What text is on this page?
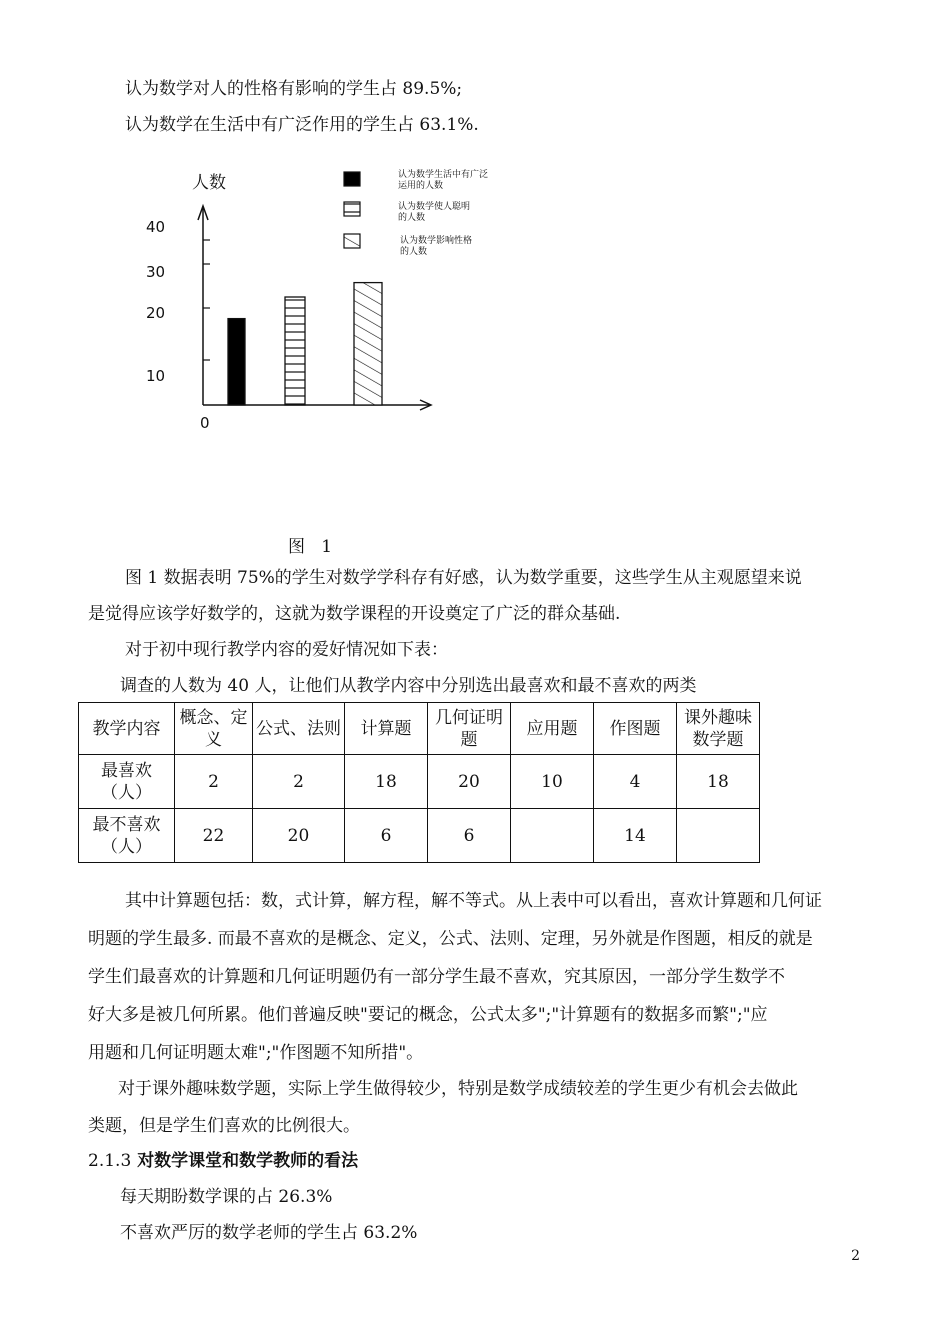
认为数学对人的性格有影响的学生占 89.5%;
认为数学在生活中有广泛作用的学生占 63.1%.
人数
40
30
20
10
0
认为数学生活中有广泛运用的人数
认为数学使人聪明的人数
认为数学影响性格的人数
图   1
图 1 数据表明 75%的学生对数学学科存有好感，认为数学重要，这些学生从主观愿望来说
是觉得应该学好数学的，这就为数学课程的开设奠定了广泛的群众基础.
对于初中现行教学内容的爱好情况如下表：
调查的人数为 40 人，让他们从教学内容中分别选出最喜欢和最不喜欢的两类
教学内容	概念、定义	公式、法则	计算题	几何证明题	应用题	作图题	课外趣味数学题
最喜欢（人）	2	2	18	20	10	4	18
最不喜欢（人）	22	20	6	6		14	
其中计算题包括：数，式计算，解方程，解不等式。从上表中可以看出，喜欢计算题和几何证
明题的学生最多. 而最不喜欢的是概念、定义，公式、法则、定理，另外就是作图题，相反的就是
学生们最喜欢的计算题和几何证明题仍有一部分学生最不喜欢，究其原因，一部分学生数学不
好大多是被几何所累。他们普遍反映"要记的概念，公式太多";"计算题有的数据多而繁";"应
用题和几何证明题太难";"作图题不知所措"。
对于课外趣味数学题，实际上学生做得较少，特别是数学成绩较差的学生更少有机会去做此
类题，但是学生们喜欢的比例很大。
2.1.3 对数学课堂和数学教师的看法
每天期盼数学课的占 26.3%
不喜欢严厉的数学老师的学生占 63.2%
2
